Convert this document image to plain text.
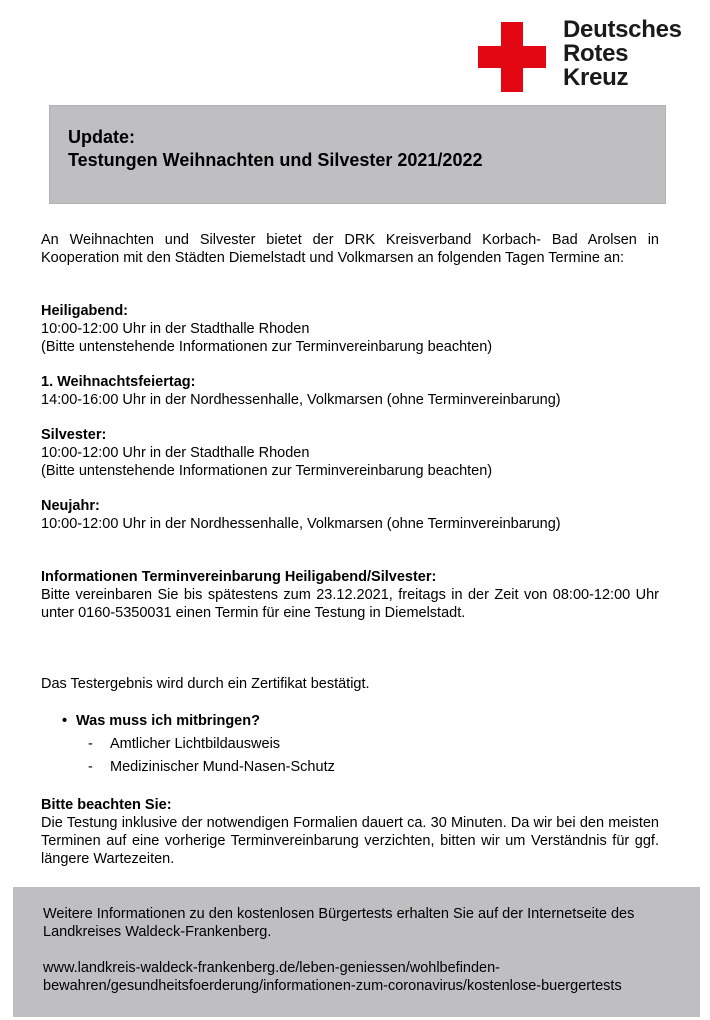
Deutsches
Rotes
Kreuz
Update:
Testungen Weihnachten und Silvester 2021/2022

An Weihnachten und Silvester bietet der DRK Kreisverband Korbach- Bad Arolsen in Kooperation mit den Städten Diemelstadt und Volkmarsen an folgenden Tagen Termine an:

Heiligabend:
10:00-12:00 Uhr in der Stadthalle Rhoden
(Bitte untenstehende Informationen zur Terminvereinbarung beachten)
1. Weihnachtsfeiertag:
14:00-16:00 Uhr in der Nordhessenhalle, Volkmarsen (ohne Terminvereinbarung)
Silvester:
10:00-12:00 Uhr in der Stadthalle Rhoden
(Bitte untenstehende Informationen zur Terminvereinbarung beachten)
Neujahr:
10:00-12:00 Uhr in der Nordhessenhalle, Volkmarsen (ohne Terminvereinbarung)
Informationen Terminvereinbarung Heiligabend/Silvester:
Bitte vereinbaren Sie bis spätestens zum 23.12.2021, freitags in der Zeit von 08:00-12:00 Uhr unter 0160-5350031 einen Termin für eine Testung in Diemelstadt.
Das Testergebnis wird durch ein Zertifikat bestätigt.
• Was muss ich mitbringen?
- Amtlicher Lichtbildausweis
- Medizinischer Mund-Nasen-Schutz
Bitte beachten Sie:
Die Testung inklusive der notwendigen Formalien dauert ca. 30 Minuten. Da wir bei den meisten Terminen auf eine vorherige Terminvereinbarung verzichten, bitten wir um Verständnis für ggf. längere Wartezeiten.
Weitere Informationen zu den kostenlosen Bürgertests erhalten Sie auf der Internetseite des
Landkreises Waldeck-Frankenberg.
www.landkreis-waldeck-frankenberg.de/leben-geniessen/wohlbefinden-
bewahren/gesundheitsfoerderung/informationen-zum-coronavirus/kostenlose-buergertests
